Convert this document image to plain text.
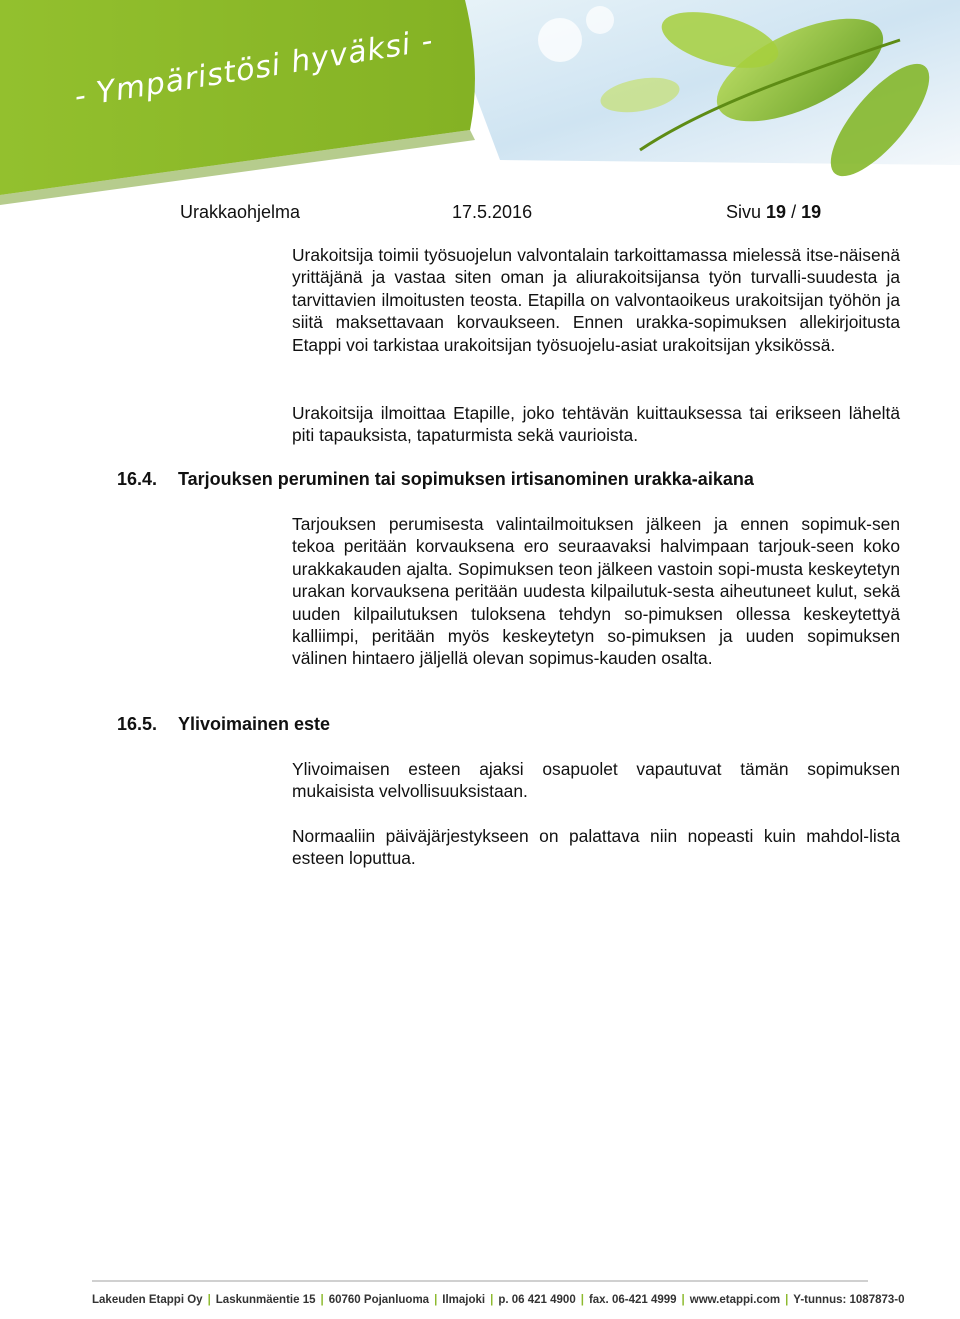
- Ympäristösi hyväksi -
Urakkaohjelma	17.5.2016	Sivu 19 / 19

Urakoitsija toimii työsuojelun valvontalain tarkoittamassa mielessä itse-näisenä yrittäjänä ja vastaa siten oman ja aliurakoitsijansa työn turvalli-suudesta ja tarvittavien ilmoitusten teosta. Etapilla on valvontaoikeus urakoitsijan työhön ja siitä maksettavaan korvaukseen. Ennen urakka-sopimuksen allekirjoitusta Etappi voi tarkistaa urakoitsijan työsuojelu-asiat urakoitsijan yksikössä.

Urakoitsija ilmoittaa Etapille, joko tehtävän kuittauksessa tai erikseen läheltä piti tapauksista, tapaturmista sekä vaurioista.

16.4. Tarjouksen peruminen tai sopimuksen irtisanominen urakka-aikana

Tarjouksen perumisesta valintailmoituksen jälkeen ja ennen sopimuk-sen tekoa peritään korvauksena ero seuraavaksi halvimpaan tarjouk-seen koko urakkakauden ajalta. Sopimuksen teon jälkeen vastoin sopi-musta keskeytetyn urakan korvauksena peritään uudesta kilpailutuk-sesta aiheutuneet kulut, sekä uuden kilpailutuksen tuloksena tehdyn so-pimuksen ollessa keskeytettyä kalliimpi, peritään myös keskeytetyn so-pimuksen ja uuden sopimuksen välinen hintaero jäljellä olevan sopimus-kauden osalta.

16.5. Ylivoimainen este

Ylivoimaisen esteen ajaksi osapuolet vapautuvat tämän sopimuksen mukaisista velvollisuuksistaan.

Normaaliin päiväjärjestykseen on palattava niin nopeasti kuin mahdol-lista esteen loputtua.

Lakeuden Etappi Oy | Laskunmäentie 15 | 60760 Pojanluoma | Ilmajoki | p. 06 421 4900 | fax. 06-421 4999 | www.etappi.com | Y-tunnus: 1087873-0
